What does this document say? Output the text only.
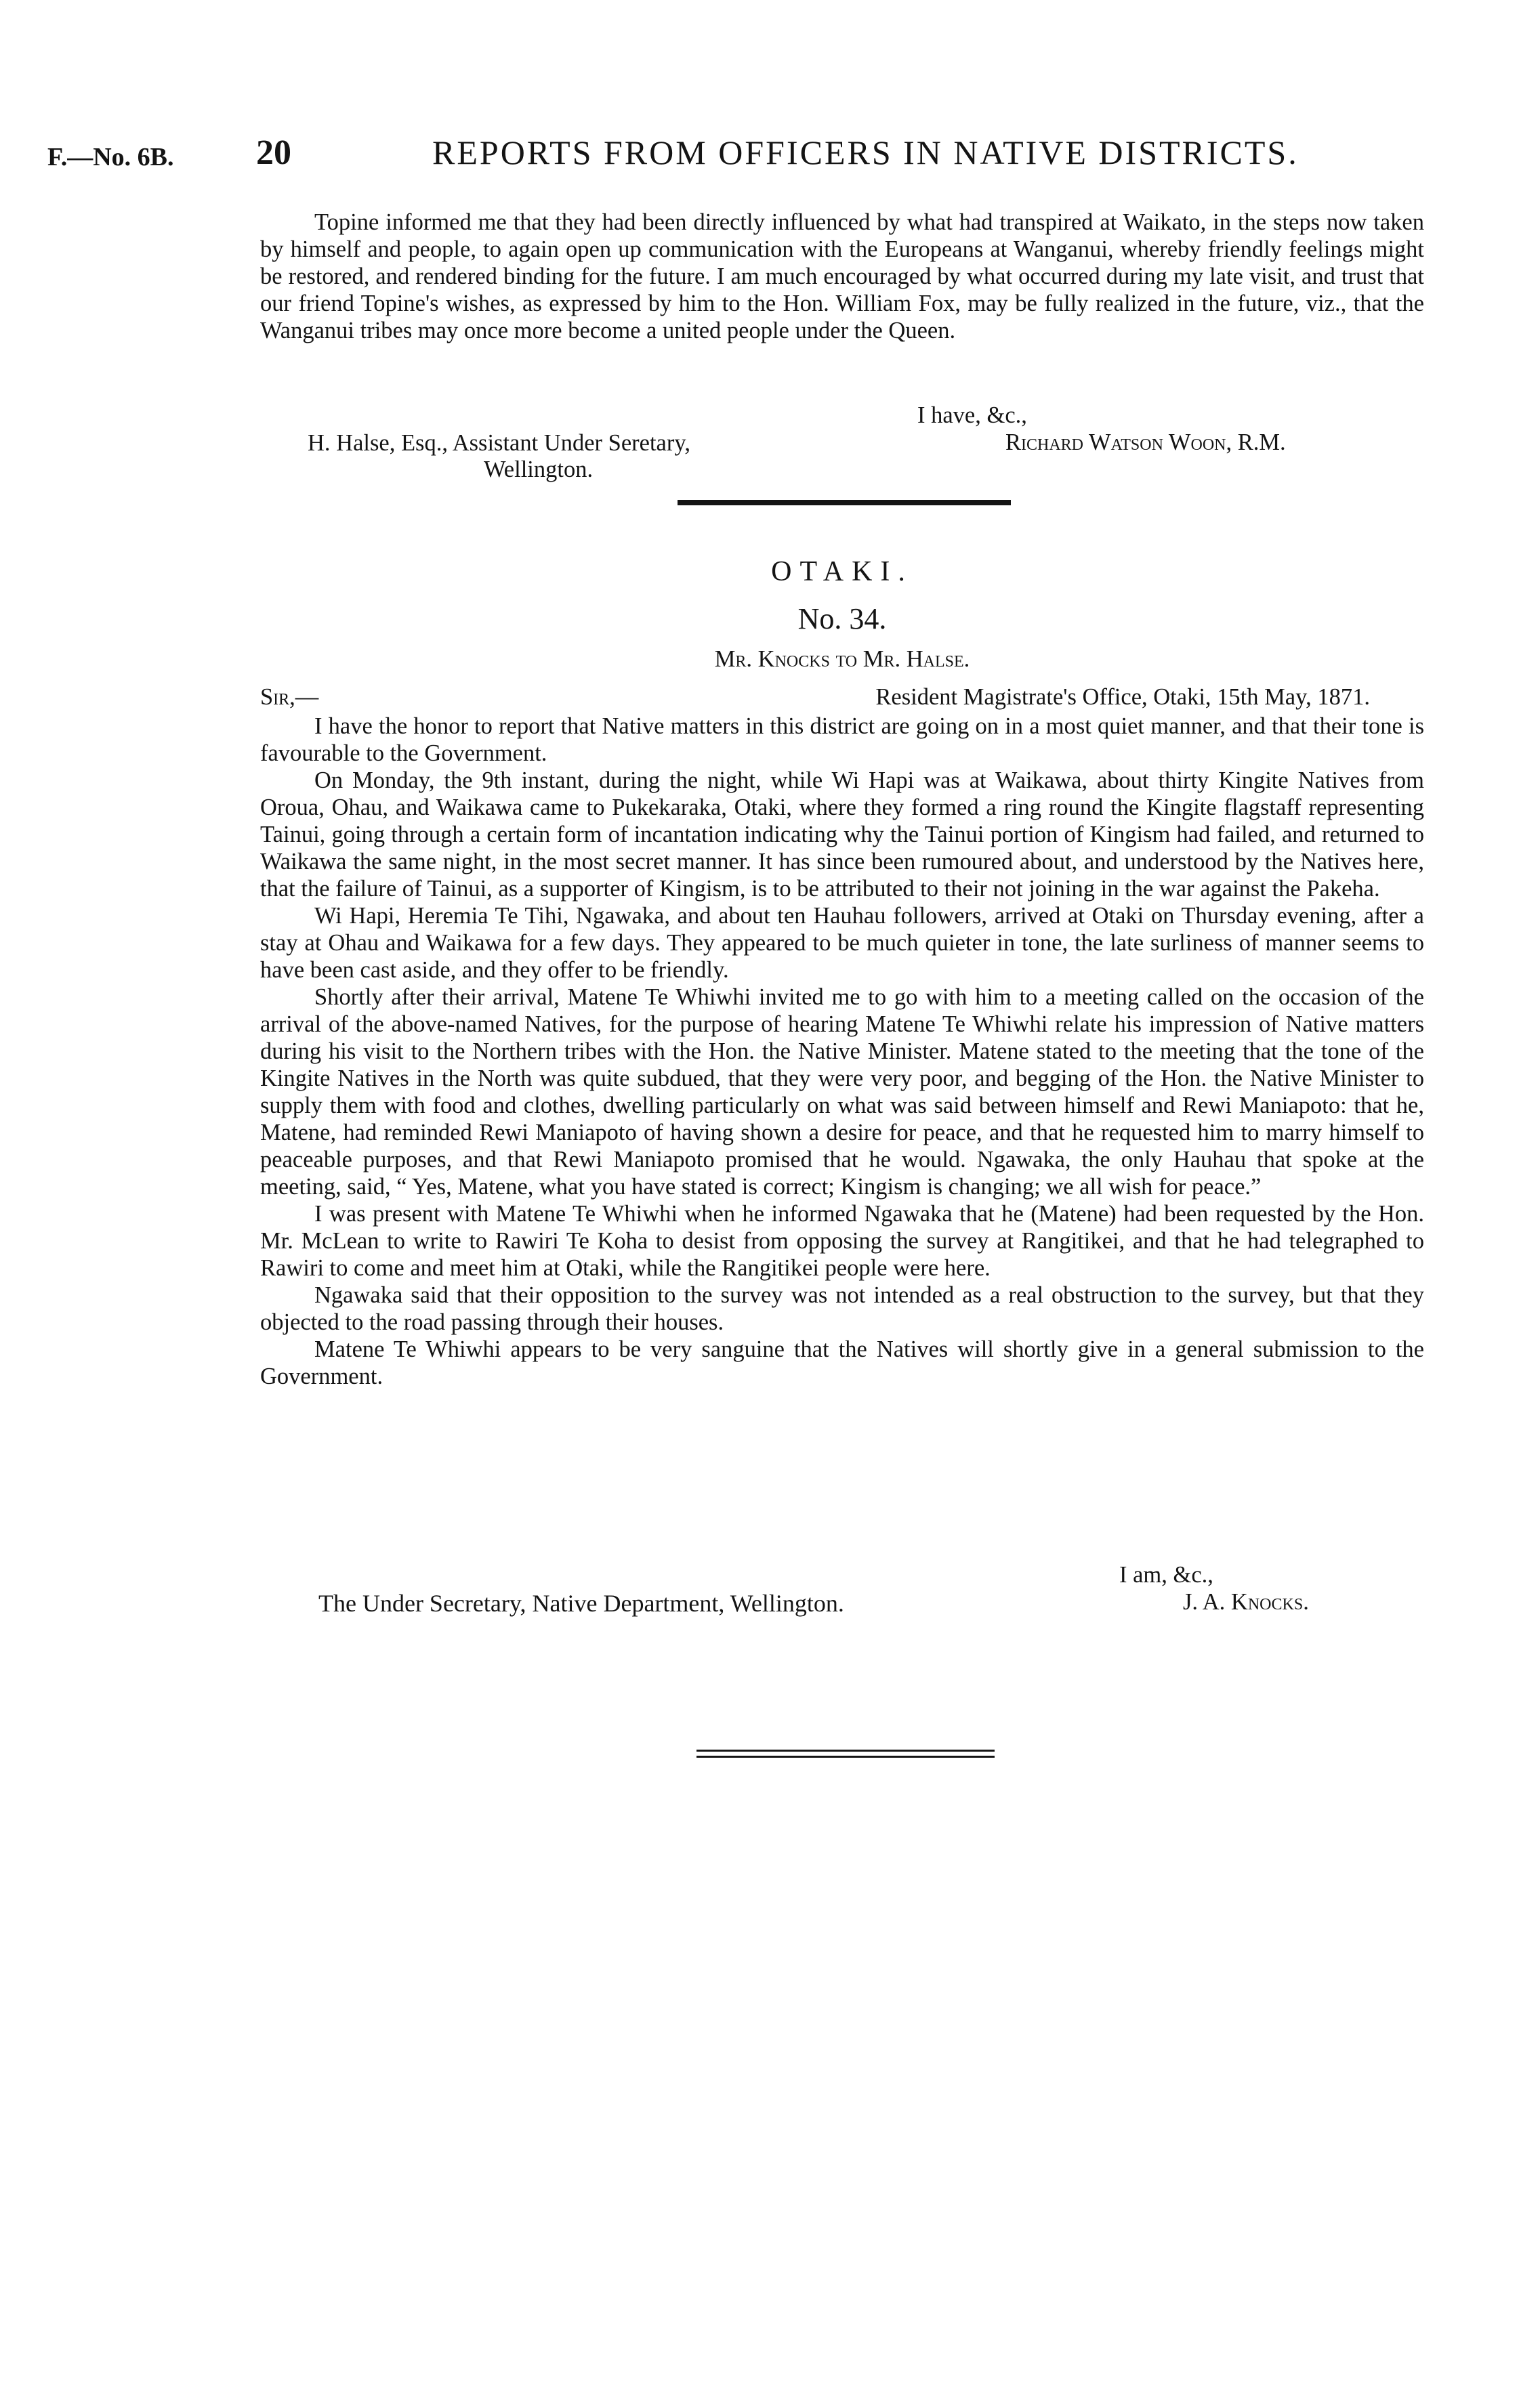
F.—No. 6B. 20	REPORTS FROM OFFICERS IN NATIVE DISTRICTS.

Topine informed me that they had been directly influenced by what had transpired at Waikato, in the steps now taken by himself and people, to again open up communication with the Europeans at Wanganui, whereby friendly feelings might be restored, and rendered binding for the future. I am much encouraged by what occurred during my late visit, and trust that our friend Topine's wishes, as expressed by him to the Hon. William Fox, may be fully realized in the future, viz., that the Wanganui tribes may once more become a united people under the Queen.

I have, &c.,
H. Halse, Esq., Assistant Under Seretary,
Wellington.
Richard Watson Woon, R.M.
OTAKI.
No. 34.
Mr. Knocks to Mr. Halse.
Sir,—	Resident Magistrate's Office, Otaki, 15th May, 1871.

I have the honor to report that Native matters in this district are going on in a most quiet manner, and that their tone is favourable to the Government.

On Monday, the 9th instant, during the night, while Wi Hapi was at Waikawa, about thirty Kingite Natives from Oroua, Ohau, and Waikawa came to Pukekaraka, Otaki, where they formed a ring round the Kingite flagstaff representing Tainui, going through a certain form of incantation indicating why the Tainui portion of Kingism had failed, and returned to Waikawa the same night, in the most secret manner. It has since been rumoured about, and understood by the Natives here, that the failure of Tainui, as a supporter of Kingism, is to be attributed to their not joining in the war against the Pakeha.

Wi Hapi, Heremia Te Tihi, Ngawaka, and about ten Hauhau followers, arrived at Otaki on Thursday evening, after a stay at Ohau and Waikawa for a few days. They appeared to be much quieter in tone, the late surliness of manner seems to have been cast aside, and they offer to be friendly.

Shortly after their arrival, Matene Te Whiwhi invited me to go with him to a meeting called on the occasion of the arrival of the above-named Natives, for the purpose of hearing Matene Te Whiwhi relate his impression of Native matters during his visit to the Northern tribes with the Hon. the Native Minister. Matene stated to the meeting that the tone of the Kingite Natives in the North was quite subdued, that they were very poor, and begging of the Hon. the Native Minister to supply them with food and clothes, dwelling particularly on what was said between himself and Rewi Maniapoto: that he, Matene, had reminded Rewi Maniapoto of having shown a desire for peace, and that he requested him to marry himself to peaceable purposes, and that Rewi Maniapoto promised that he would. Ngawaka, the only Hauhau that spoke at the meeting, said, “ Yes, Matene, what you have stated is correct; Kingism is changing; we all wish for peace.”

I was present with Matene Te Whiwhi when he informed Ngawaka that he (Matene) had been requested by the Hon. Mr. McLean to write to Rawiri Te Koha to desist from opposing the survey at Rangitikei, and that he had telegraphed to Rawiri to come and meet him at Otaki, while the Rangitikei people were here.

Ngawaka said that their opposition to the survey was not intended as a real obstruction to the survey, but that they objected to the road passing through their houses.

Matene Te Whiwhi appears to be very sanguine that the Natives will shortly give in a general submission to the Government.

I am, &c.,
The Under Secretary, Native Department, Wellington.	J. A. Knocks.
